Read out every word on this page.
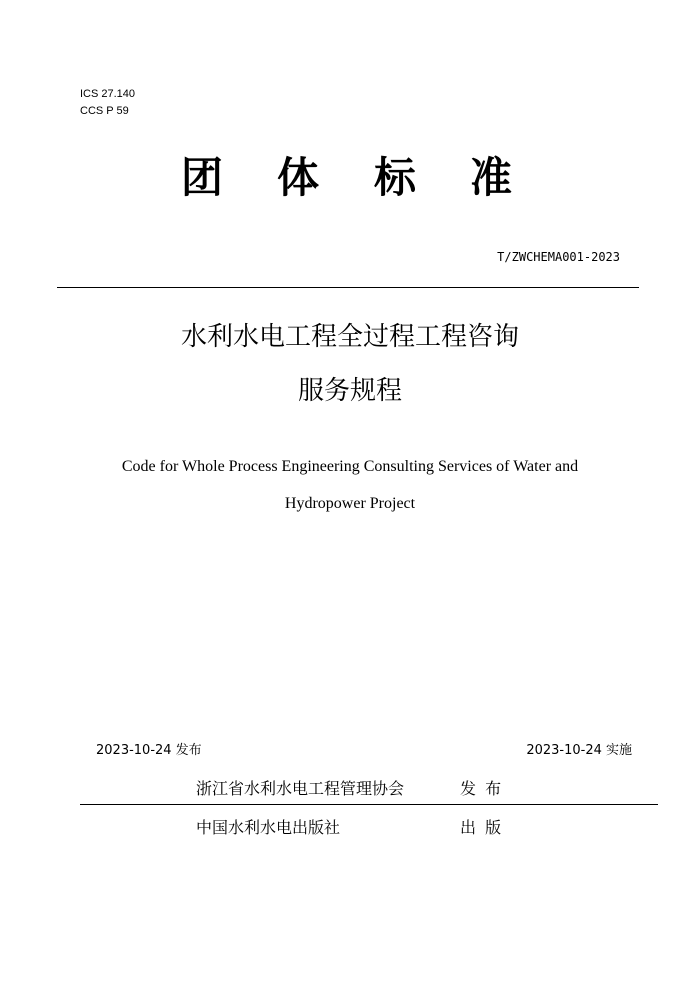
ICS 27.140
CCS P 59
团 体 标 准
T/ZWCHEMA001-2023
水利水电工程全过程工程咨询
服务规程
Code for Whole Process Engineering Consulting Services of Water and
Hydropower Project
2023-10-24 发布	2023-10-24 实施
浙江省水利水电工程管理协会	发 布
中国水利水电出版社	出 版
